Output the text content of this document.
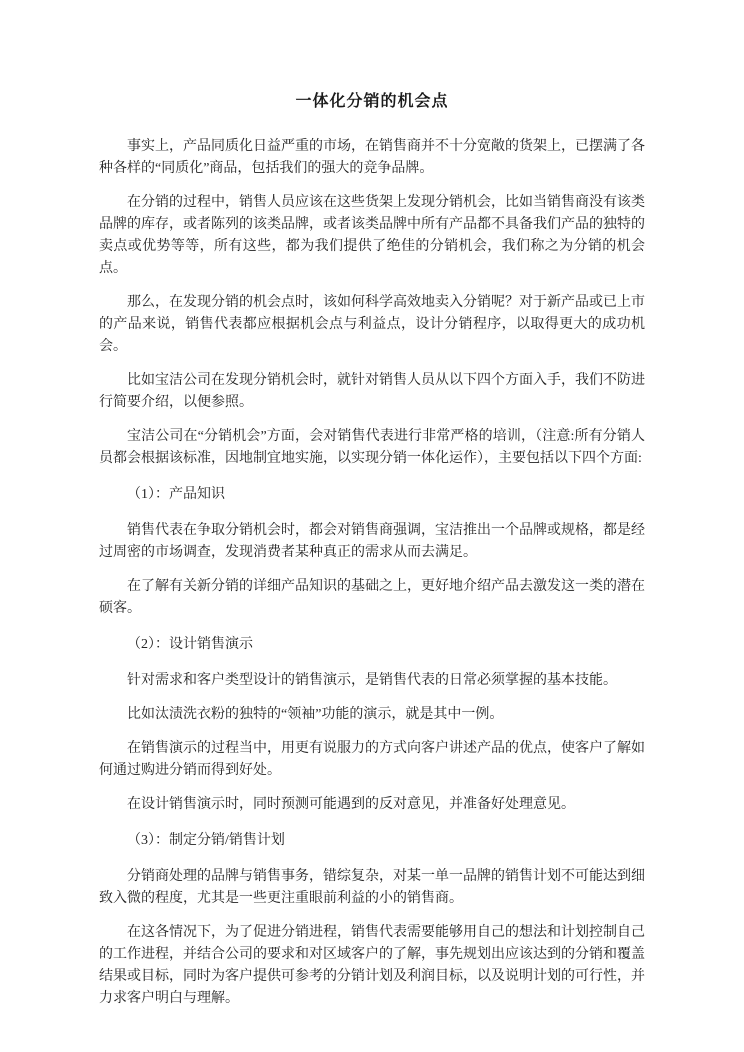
一体化分销的机会点

事实上，产品同质化日益严重的市场，在销售商并不十分宽敞的货架上，已摆满了各种各样的“同质化”商品，包括我们的强大的竞争品牌。

在分销的过程中，销售人员应该在这些货架上发现分销机会，比如当销售商没有该类品牌的库存，或者陈列的该类品牌，或者该类品牌中所有产品都不具备我们产品的独特的卖点或优势等等，所有这些，都为我们提供了绝佳的分销机会，我们称之为分销的机会点。

那么，在发现分销的机会点时，该如何科学高效地卖入分销呢？对于新产品或已上市的产品来说，销售代表都应根据机会点与利益点，设计分销程序，以取得更大的成功机会。

比如宝洁公司在发现分销机会时，就针对销售人员从以下四个方面入手，我们不防进行简要介绍，以便参照。

宝洁公司在“分销机会”方面，会对销售代表进行非常严格的培训，（注意:所有分销人员都会根据该标准，因地制宜地实施，以实现分销一体化运作），主要包括以下四个方面:

（1）：产品知识

销售代表在争取分销机会时，都会对销售商强调，宝洁推出一个品牌或规格，都是经过周密的市场调查，发现消费者某种真正的需求从而去满足。

在了解有关新分销的详细产品知识的基础之上，更好地介绍产品去激发这一类的潜在硕客。

（2）：设计销售演示

针对需求和客户类型设计的销售演示，是销售代表的日常必须掌握的基本技能。

比如汰渍洗衣粉的独特的“领袖”功能的演示，就是其中一例。

在销售演示的过程当中，用更有说服力的方式向客户讲述产品的优点，使客户了解如何通过购进分销而得到好处。

在设计销售演示时，同时预测可能遇到的反对意见，并准备好处理意见。

（3）：制定分销/销售计划

分销商处理的品牌与销售事务，错综复杂，对某一单一品牌的销售计划不可能达到细致入微的程度，尤其是一些更注重眼前利益的小的销售商。

在这各情况下，为了促进分销进程，销售代表需要能够用自己的想法和计划控制自己的工作进程，并结合公司的要求和对区域客户的了解，事先规划出应该达到的分销和覆盖结果或目标，同时为客户提供可参考的分销计划及利润目标，以及说明计划的可行性，并力求客户明白与理解。
